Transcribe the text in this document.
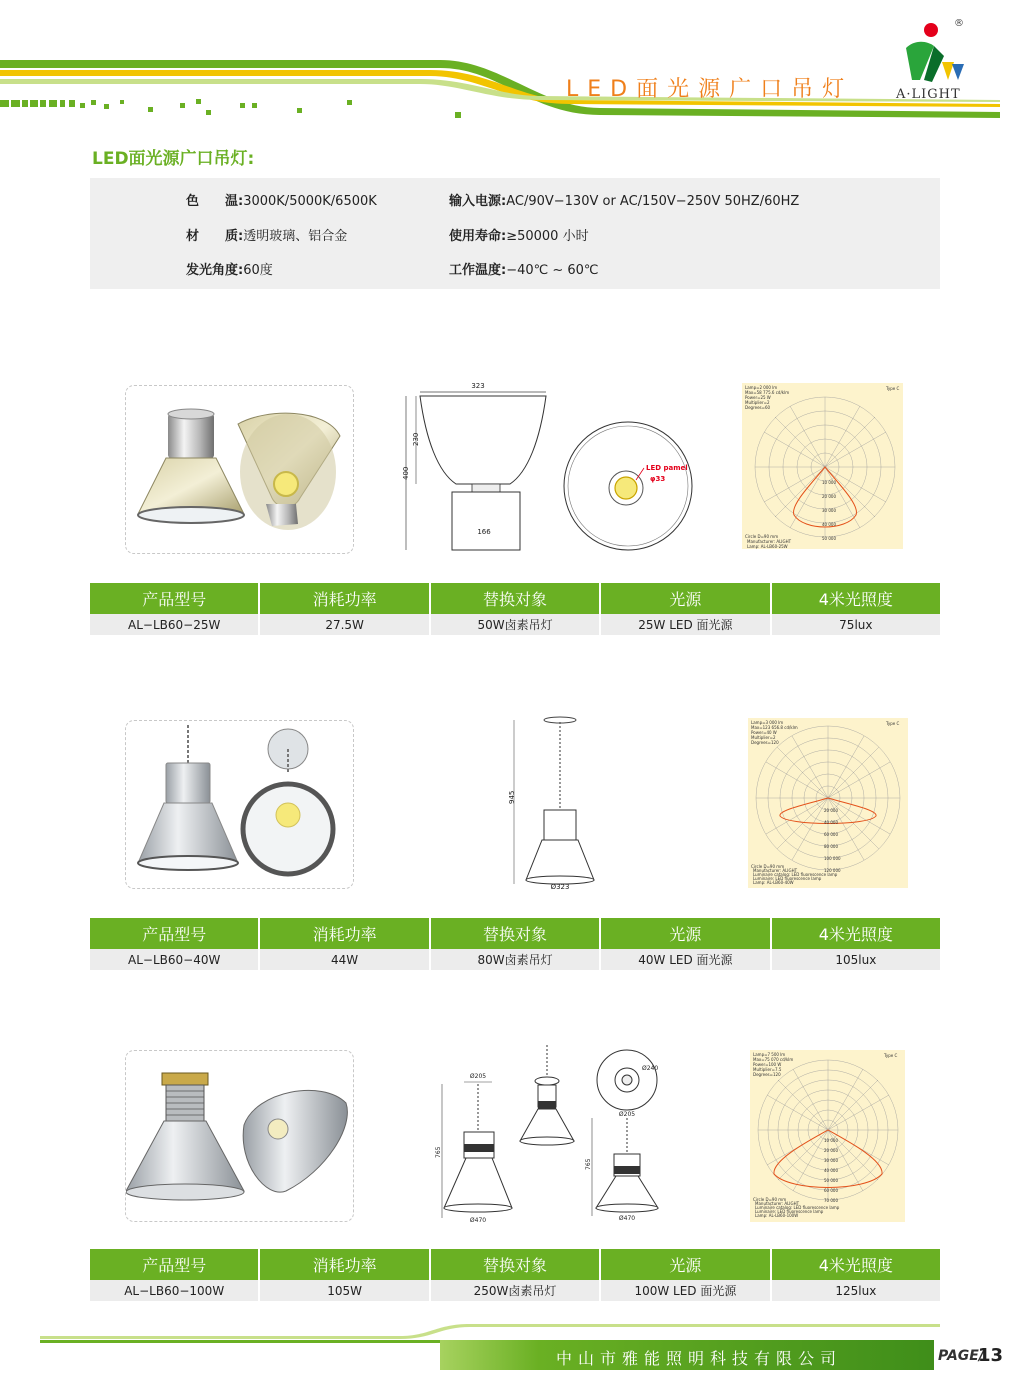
LED面光源广口吊灯
®
A·LIGHT
LED面光源广口吊灯:
色　　温:3000K/5000K/6500K	输入电源:AC/90V−130V or AC/150V−250V 50HZ/60HZ
材　　质:透明玻璃、铝合金	使用寿命:≥50000 小时
发光角度:60度	工作温度:−40℃ ~ 60℃
323
400
230
166
LED pamel
φ33
Lamp=2 000 lm
Max=58 775.6 cd/klm
Power=25 W
Multiplier=2
Degrees=60
Type C
10 000
20 000
30 000
40 000
50 000
Circle D=90 mm
Manufacturer: ALIGHT
Lamp: AL-LB60-25W
产品型号	消耗功率	替换对象	光源	4米光照度
AL−LB60−25W	27.5W	50W卤素吊灯	25W LED 面光源	75lux
945
Ø323
Lamp=3 000 lm
Max=123 656.8 cd/klm
Power=40 W
Multiplier=2
Degrees=120
Type C
20 000
40 000
60 000
80 000
100 000
120 000
Circle D=90 mm
Manufacturer: ALIGHT
Luminaire catalog: LED fluorescence lamp
Luminaire: LED fluorescence lamp
Lamp: AL-LB60-40W
产品型号	消耗功率	替换对象	光源	4米光照度
AL−LB60−40W	44W	80W卤素吊灯	40W LED 面光源	105lux
Ø205
765
Ø470
Ø240
Ø205
765
Ø470
Lamp=7 500 lm
Max=75 070 cd/klm
Power=100 W
Multiplier=7.5
Degrees=120
Type C
10 000
20 000
30 000
40 000
50 000
60 000
70 000
Circle D=90 mm
Manufacturer: ALIGHT
Luminaire catalog: LED fluorescence lamp
Luminaire: LED fluorescence lamp
Lamp: AL-LB60-100W
产品型号	消耗功率	替换对象	光源	4米光照度
AL−LB60−100W	105W	250W卤素吊灯	100W LED 面光源	125lux
中山市雅能照明科技有限公司	PAGE/
13
